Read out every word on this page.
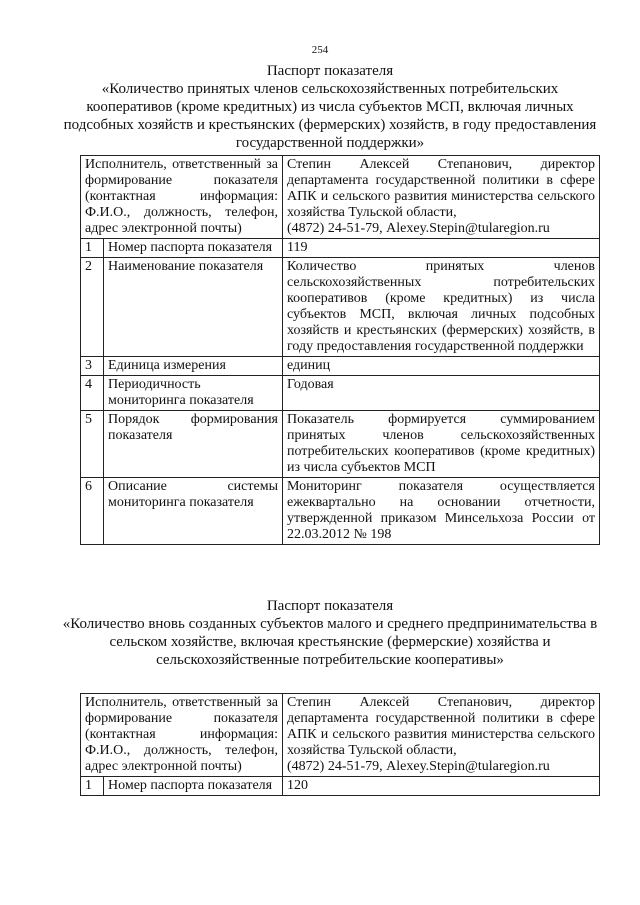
254
Паспорт показателя
«Количество принятых членов сельскохозяйственных потребительских кооперативов (кроме кредитных) из числа субъектов МСП, включая личных подсобных хозяйств и крестьянских (фермерских) хозяйств, в году предоставления государственной поддержки»
Исполнитель, ответственный за формирование показателя (контактная информация: Ф.И.О., должность, телефон, адрес электронной почты)		Степин Алексей Степанович, директор департамента государственной политики в сфере АПК и сельского развития министерства сельского хозяйства Тульской области,
(4872) 24-51-79, Alexey.Stepin@tularegion.ru
1	Номер паспорта показателя	119
2	Наименование показателя	Количество принятых членов сельскохозяйственных потребительских кооперативов (кроме кредитных) из числа субъектов МСП, включая личных подсобных хозяйств и крестьянских (фермерских) хозяйств, в году предоставления государственной поддержки
3	Единица измерения	единиц
4	Периодичность мониторинга показателя	Годовая
5	Порядок формирования показателя	Показатель формируется суммированием принятых членов сельскохозяйственных потребительских кооперативов (кроме кредитных) из числа субъектов МСП
6	Описание системы мониторинга показателя	Мониторинг показателя осуществляется ежеквартально на основании отчетности, утвержденной приказом Минсельхоза России от 22.03.2012 № 198
Паспорт показателя
«Количество вновь созданных субъектов малого и среднего предпринимательства в сельском хозяйстве, включая крестьянские (фермерские) хозяйства и сельскохозяйственные потребительские кооперативы»
Исполнитель, ответственный за формирование показателя (контактная информация: Ф.И.О., должность, телефон, адрес электронной почты)		Степин Алексей Степанович, директор департамента государственной политики в сфере АПК и сельского развития министерства сельского хозяйства Тульской области,
(4872) 24-51-79, Alexey.Stepin@tularegion.ru
1	Номер паспорта показателя	120
